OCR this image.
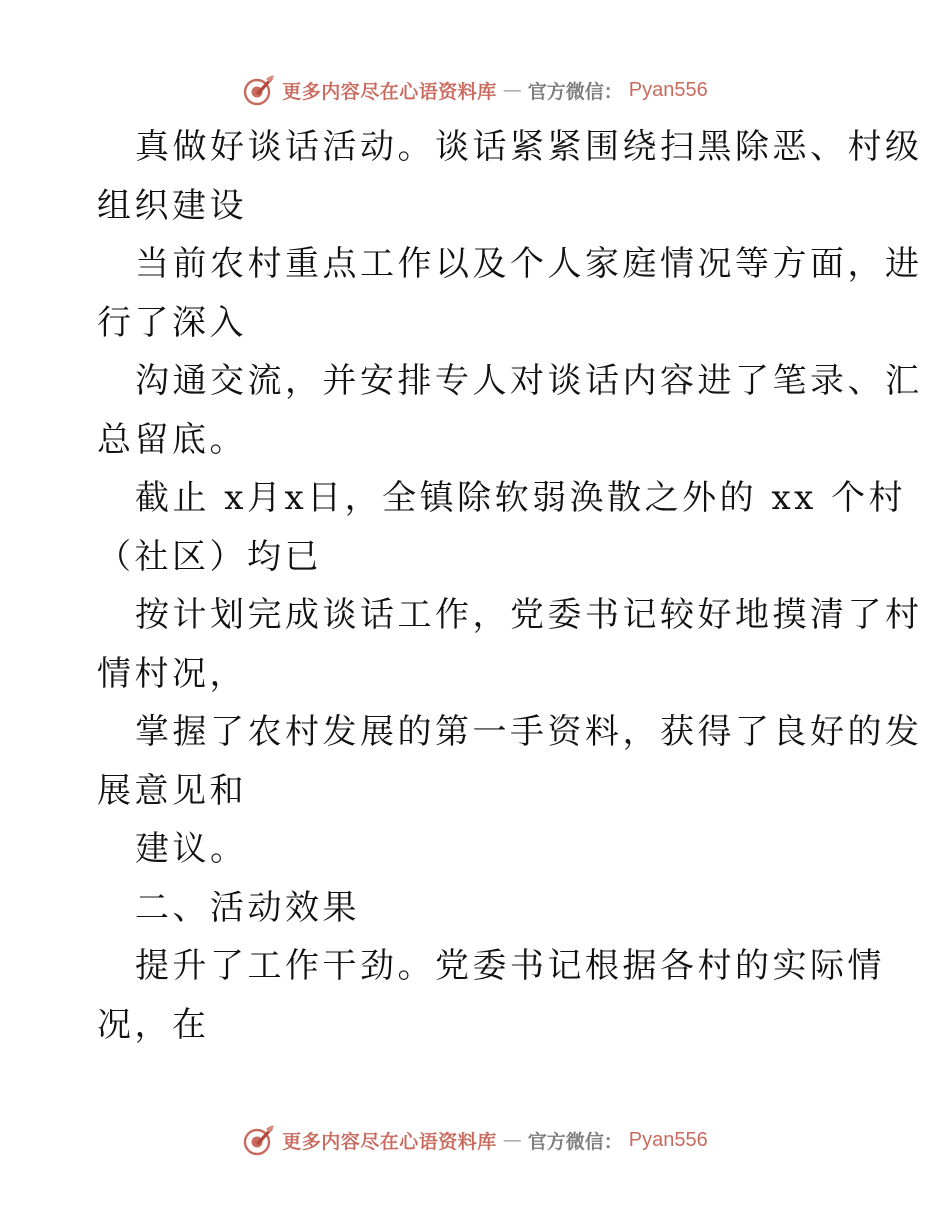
更多内容尽在心语资料库 — 官方微信： Pyan556
真做好谈话活动。谈话紧紧围绕扫黑除恶、村级
组织建设
当前农村重点工作以及个人家庭情况等方面，进
行了深入
沟通交流，并安排专人对谈话内容进了笔录、汇
总留底。
截止 x月x日，全镇除软弱涣散之外的 xx 个村
（社区）均已
按计划完成谈话工作，党委书记较好地摸清了村
情村况，
掌握了农村发展的第一手资料，获得了良好的发
展意见和
建议。
二、活动效果
提升了工作干劲。党委书记根据各村的实际情
况，在
更多内容尽在心语资料库 — 官方微信： Pyan556
